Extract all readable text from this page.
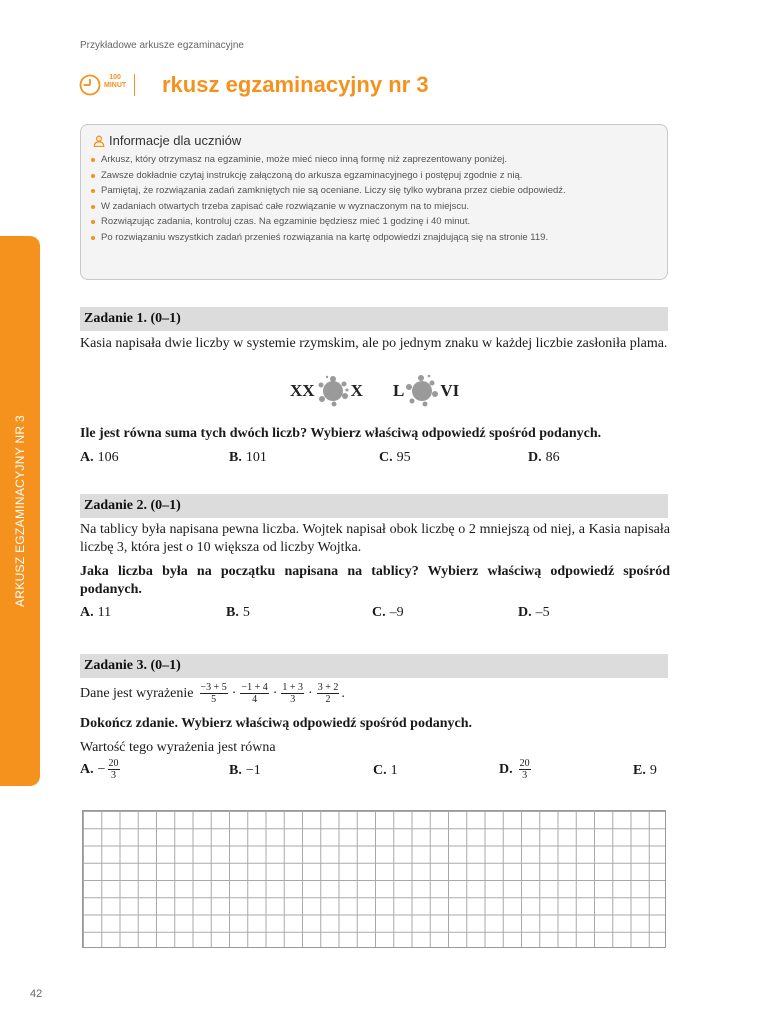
Przykładowe arkusze egzaminacyjne
100
MINUT rkusz egzaminacyjny nr 3
ARKUSZ EGZAMINACYJNY NR 3
Informacje dla uczniów
Arkusz, który otrzymasz na egzaminie, może mieć nieco inną formę niż zaprezentowany poniżej.
Zawsze dokładnie czytaj instrukcję załączoną do arkusza egzaminacyjnego i postępuj zgodnie z nią.
Pamiętaj, że rozwiązania zadań zamkniętych nie są oceniane. Liczy się tylko wybrana przez ciebie odpowiedź.
W zadaniach otwartych trzeba zapisać całe rozwiązanie w wyznaczonym na to miejscu.
Rozwiązując zadania, kontroluj czas. Na egzaminie będziesz mieć 1 godzinę i 40 minut.
Po rozwiązaniu wszystkich zadań przenieś rozwiązania na kartę odpowiedzi znajdującą się na stronie 119.
Zadanie 1. (0–1)
Kasia napisała dwie liczby w systemie rzymskim, ale po jednym znaku w każdej liczbie zasłoniła plama.
XX X L VI
Ile jest równa suma tych dwóch liczb? Wybierz właściwą odpowiedź spośród podanych.
A. 106	B. 101	C. 95	D. 86
Zadanie 2. (0–1)
Na tablicy była napisana pewna liczba. Wojtek napisał obok liczbę o 2 mniejszą od niej, a Kasia napisała liczbę 3, która jest o 10 większa od liczby Wojtka.
Jaka liczba była na początku napisana na tablicy? Wybierz właściwą odpowiedź spośród podanych.
A. 11	B. 5	C. –9	D. –5
Zadanie 3. (0–1)
Dane jest wyrażenie $\frac{-3 + 5}{5} \cdot \frac{-1 + 4}{4} \cdot \frac{1 + 3}{3} \cdot \frac{3 + 2}{2}$ .
Dokończ zdanie. Wybierz właściwą odpowiedź spośród podanych.
Wartość tego wyrażenia jest równa
A. − $\frac{20}{3}$	B. −1	C. 1	D. $\frac{20}{3}$	E. 9
42
